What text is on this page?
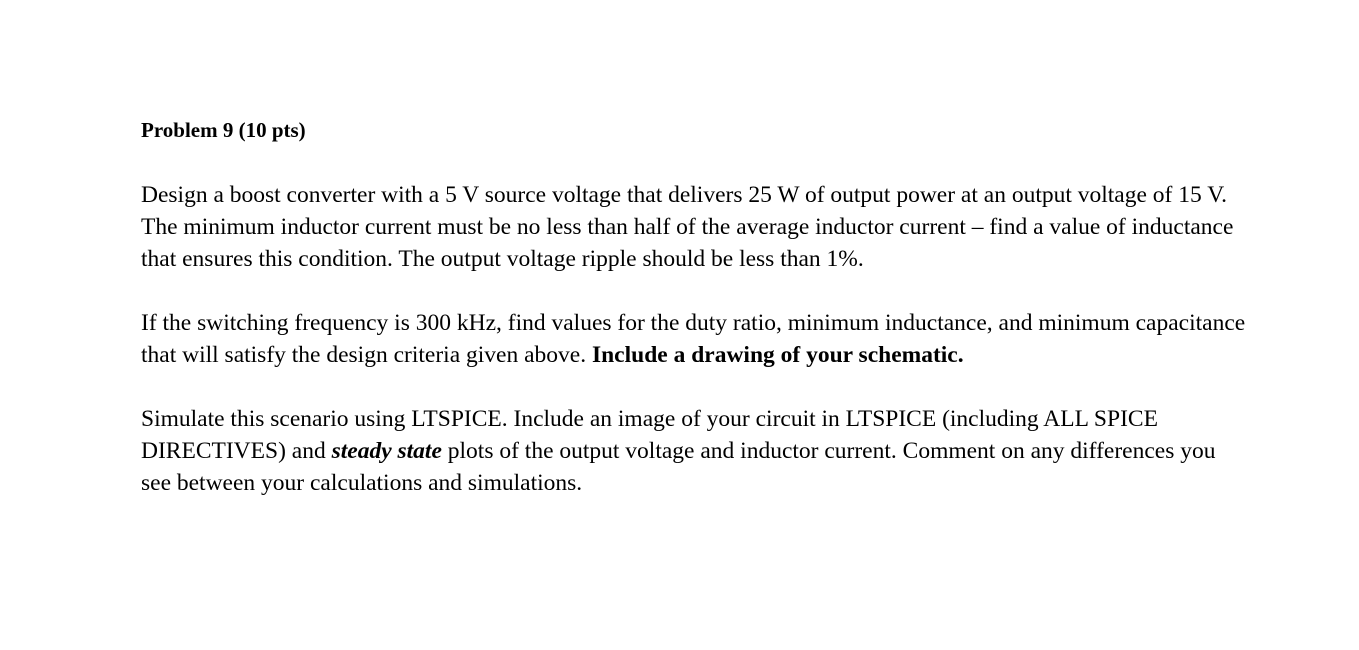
Problem 9 (10 pts)
Design a boost converter with a 5 V source voltage that delivers 25 W of output power at an output voltage of 15 V. The minimum inductor current must be no less than half of the average inductor current – find a value of inductance that ensures this condition. The output voltage ripple should be less than 1%.
If the switching frequency is 300 kHz, find values for the duty ratio, minimum inductance, and minimum capacitance that will satisfy the design criteria given above. Include a drawing of your schematic.
Simulate this scenario using LTSPICE. Include an image of your circuit in LTSPICE (including ALL SPICE DIRECTIVES) and steady state plots of the output voltage and inductor current. Comment on any differences you see between your calculations and simulations.
